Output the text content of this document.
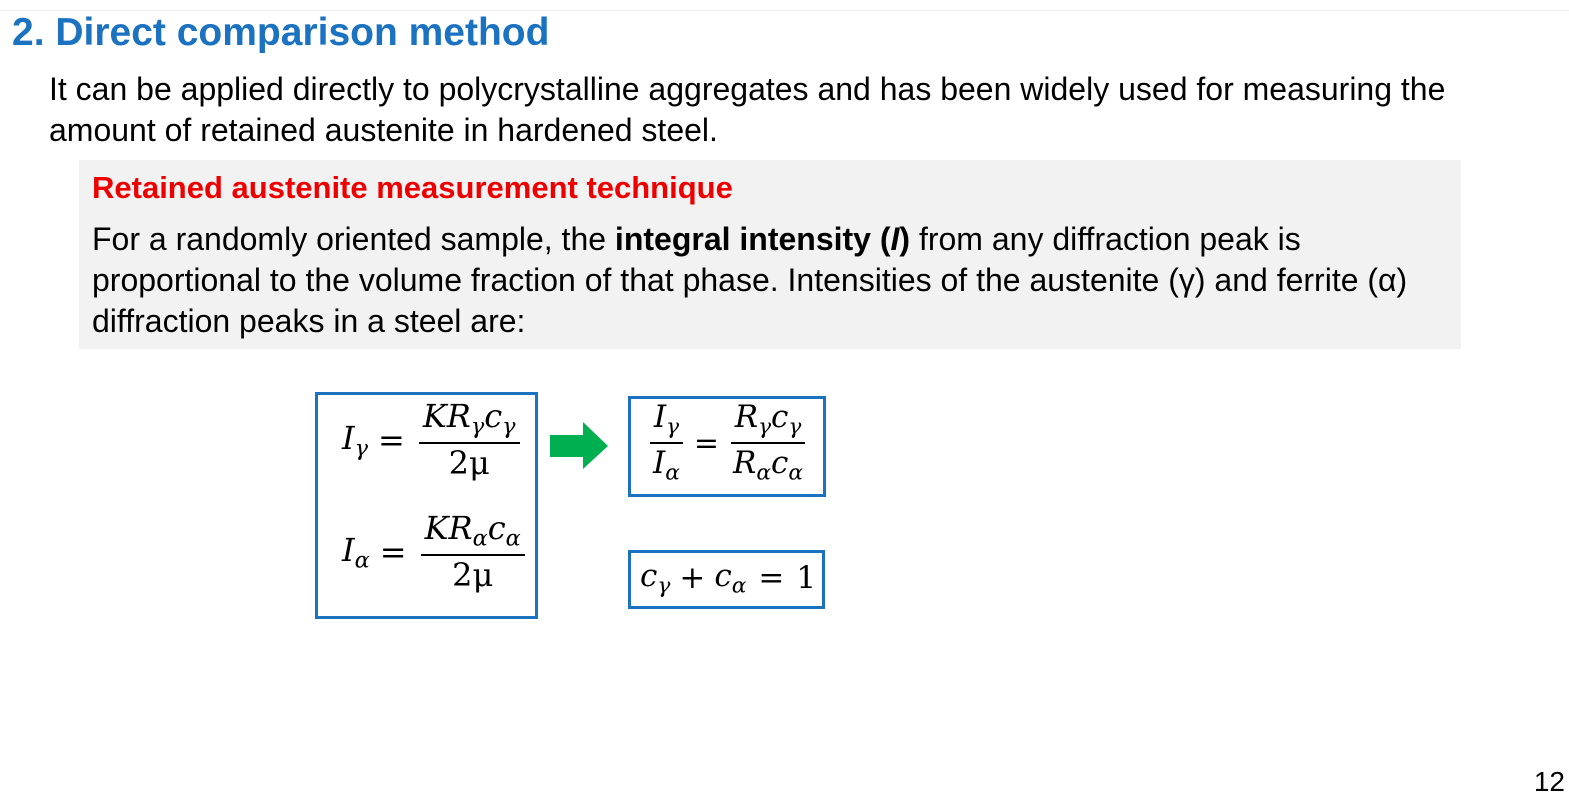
2. Direct comparison method

It can be applied directly to polycrystalline aggregates and has been widely used for measuring the amount of retained austenite in hardened steel.

Retained austenite measurement technique

For a randomly oriented sample, the integral intensity (I) from any diffraction peak is proportional to the volume fraction of that phase. Intensities of the austenite (γ) and ferrite (α) diffraction peaks in a steel are:

$I_\gamma = \frac{KR_\gamma c_\gamma}{2\mu}$
$I_\alpha = \frac{KR_\alpha c_\alpha}{2\mu}$
$\frac{I_\gamma}{I_\alpha} = \frac{R_\gamma c_\gamma}{R_\alpha c_\alpha}$
$c_\gamma + c_\alpha = 1$
12
